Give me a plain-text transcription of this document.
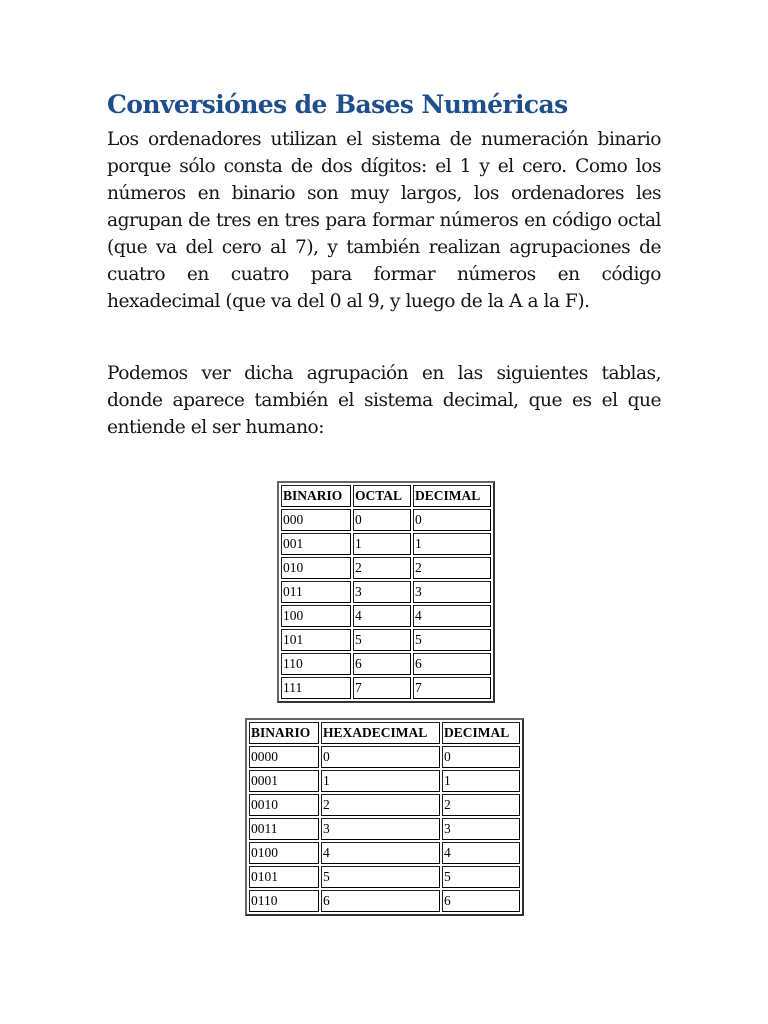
Conversiónes de Bases Numéricas

Los ordenadores utilizan el sistema de numeración binario porque sólo consta de dos dígitos: el 1 y el cero. Como los números en binario son muy largos, los ordenadores les agrupan de tres en tres para formar números en código octal (que va del cero al 7), y también realizan agrupaciones de cuatro en cuatro para formar números en código hexadecimal (que va del 0 al 9, y luego de la A a la F).

Podemos ver dicha agrupación en las siguientes tablas, donde aparece también el sistema decimal, que es el que entiende el ser humano:

BINARIO	OCTAL	DECIMAL
000	0	0
001	1	1
010	2	2
011	3	3
100	4	4
101	5	5
110	6	6
111	7	7
BINARIO	HEXADECIMAL	DECIMAL
0000	0	0
0001	1	1
0010	2	2
0011	3	3
0100	4	4
0101	5	5
0110	6	6
